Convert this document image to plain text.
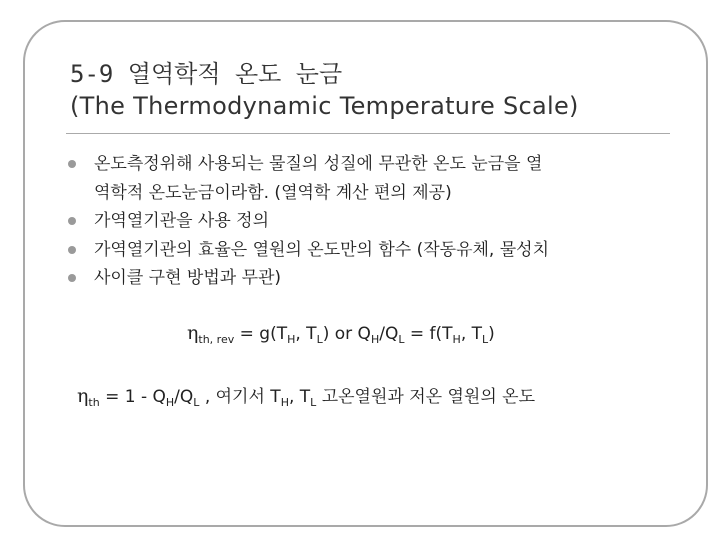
5-9 열역학적 온도 눈금
(The Thermodynamic Temperature Scale)
온도측정위해 사용되는 물질의 성질에 무관한 온도 눈금을 열
역학적 온도눈금이라함. (열역학 계산 편의 제공)
가역열기관을 사용 정의
가역열기관의 효율은 열원의 온도만의 함수 (작동유체, 물성치
사이클 구현 방법과 무관)
$\eta_{th, rev} = g(T_H$, $T_L$) or $Q_H/Q_L = f(T_H$, $T_L$)
$\eta_{th} = 1 - Q_H/Q_L$ , 여기서 $T_H$, $T_L$ 고온열원과 저온 열원의 온도
